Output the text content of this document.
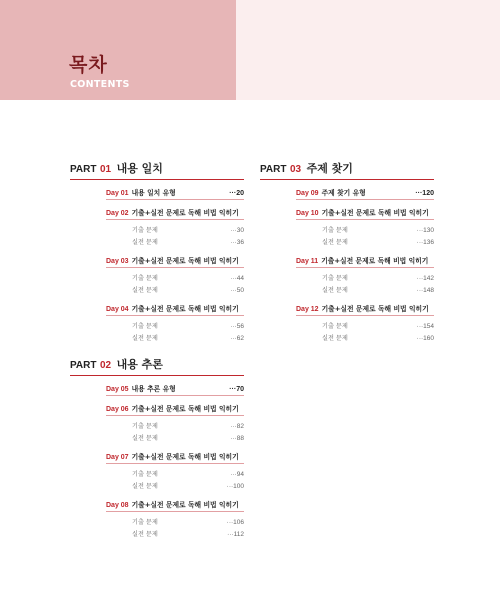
목차
CONTENTS
PART 01 내용 일치
Day 01 내용 일치 유형	···20
Day 02 기출+실전 문제로 독해 비법 익히기
기출 문제	···30
실전 문제	···36
Day 03 기출+실전 문제로 독해 비법 익히기
기출 문제	···44
실전 문제	···50
Day 04 기출+실전 문제로 독해 비법 익히기
기출 문제	···56
실전 문제	···62
PART 02 내용 추론
Day 05 내용 추론 유형	···70
Day 06 기출+실전 문제로 독해 비법 익히기
기출 문제	···82
실전 문제	···88
Day 07 기출+실전 문제로 독해 비법 익히기
기출 문제	···94
실전 문제	···100
Day 08 기출+실전 문제로 독해 비법 익히기
기출 문제	···106
실전 문제	···112
PART 03 주제 찾기
Day 09 주제 찾기 유형	···120
Day 10 기출+실전 문제로 독해 비법 익히기
기출 문제	···130
실전 문제	···136
Day 11 기출+실전 문제로 독해 비법 익히기
기출 문제	···142
실전 문제	···148
Day 12 기출+실전 문제로 독해 비법 익히기
기출 문제	···154
실전 문제	···160
